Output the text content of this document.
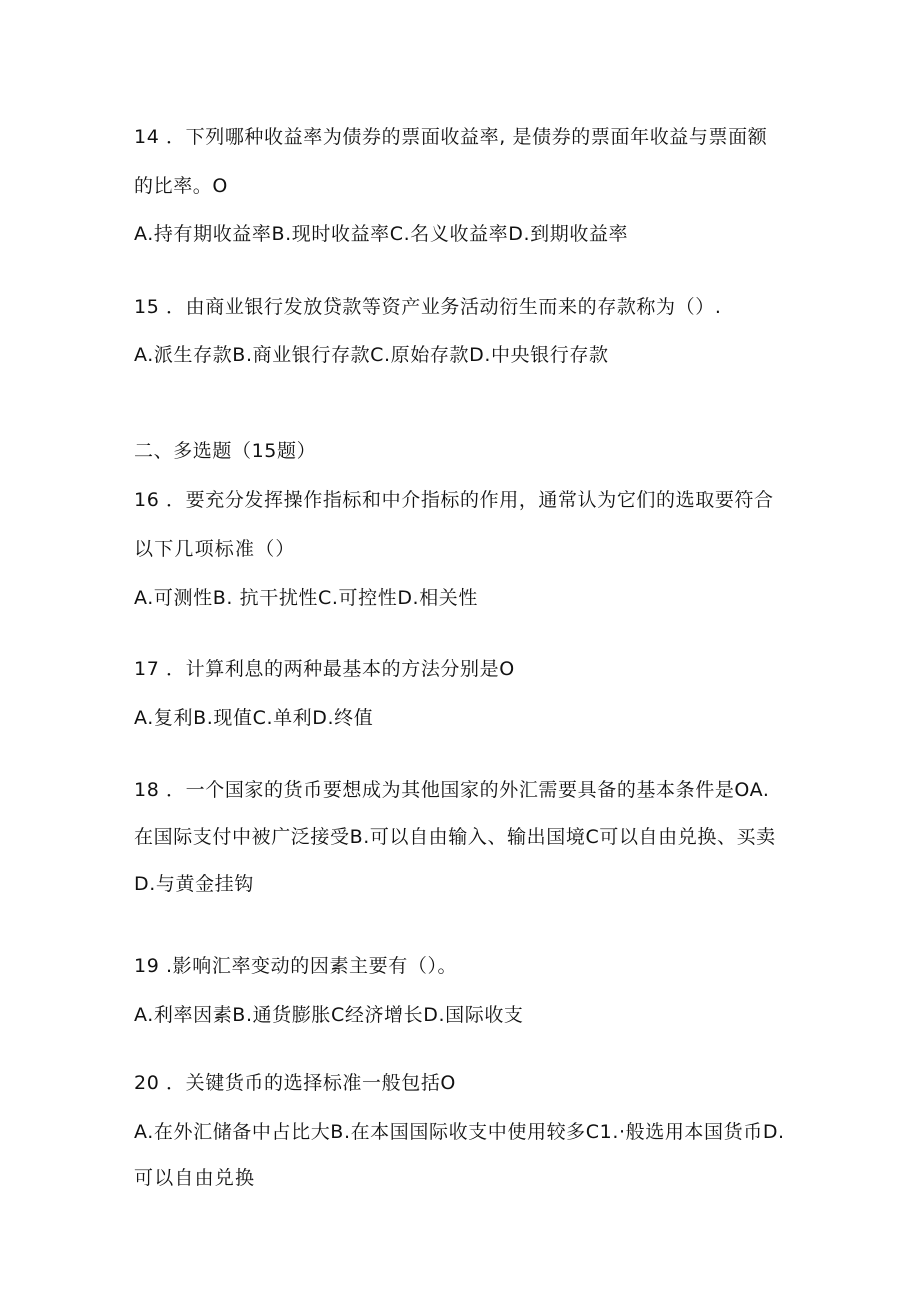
14 ．下列哪种收益率为债券的票面收益率, 是债券的票面年收益与票面额
的比率。O
A.持有期收益率B.现时收益率C.名义收益率D.到期收益率
15 ．由商业银行发放贷款等资产业务活动衍生而来的存款称为（）.
A.派生存款B.商业银行存款C.原始存款D.中央银行存款
二、多选题（15题）
16 ．要充分发挥操作指标和中介指标的作用，通常认为它们的选取要符合
以下几项标准（）
A.可测性B. 抗干扰性C.可控性D.相关性
17 ．计算利息的两种最基本的方法分别是O
A.复利B.现值C.单利D.终值
18 ．一个国家的货币要想成为其他国家的外汇需要具备的基本条件是OA.
在国际支付中被广泛接受B.可以自由输入、输出国境C可以自由兑换、买卖
D.与黄金挂钩
19 .影响汇率变动的因素主要有（）。
A.利率因素B.通货膨胀C经济增长D.国际收支
20 ．关键货币的选择标准一般包括O
A.在外汇储备中占比大B.在本国国际收支中使用较多C1.·般选用本国货币D.
可以自由兑换
